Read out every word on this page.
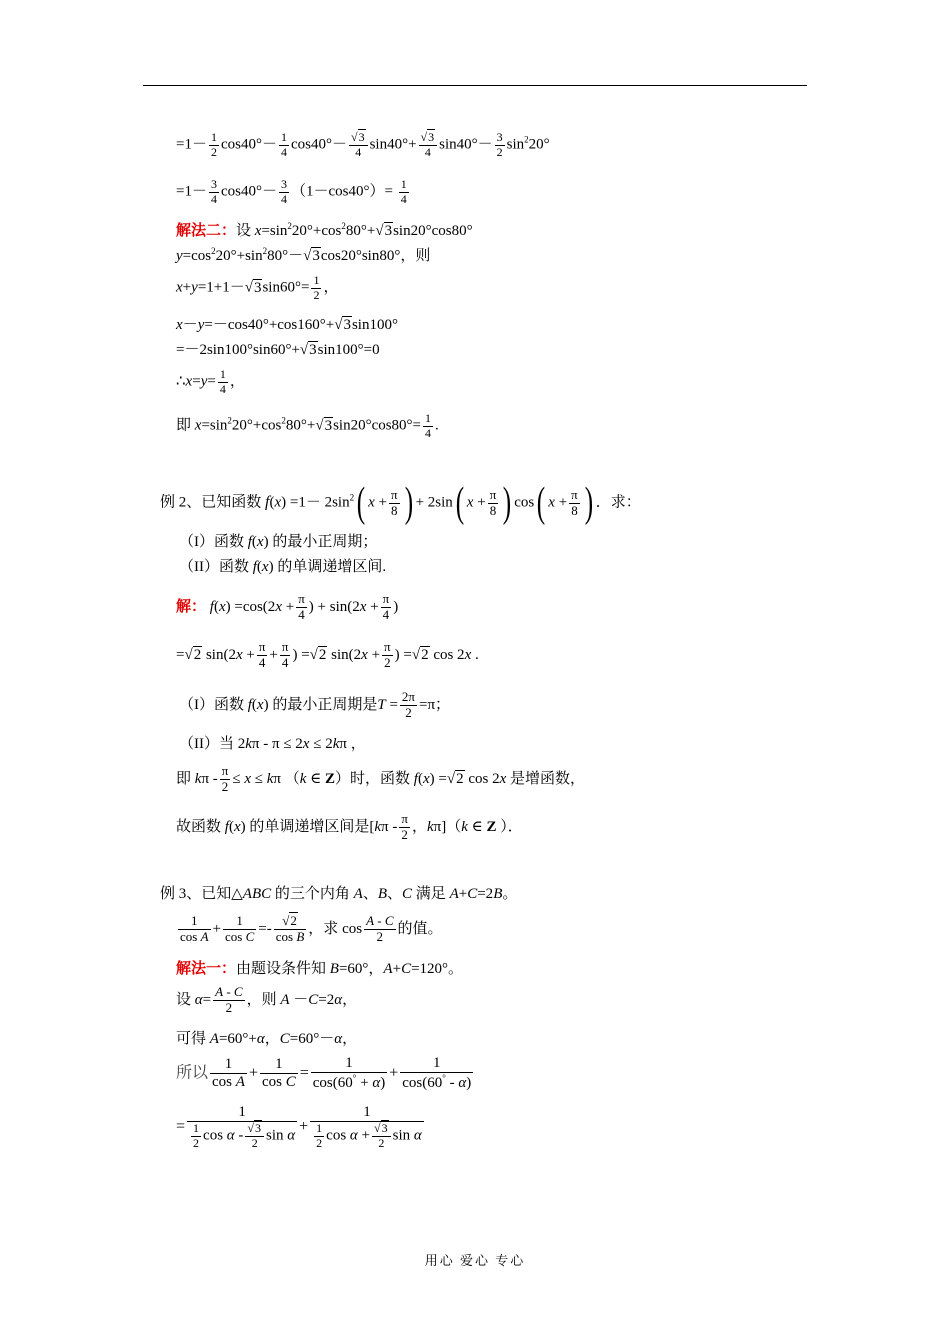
$=1- \frac{1}{2} \cos 40^\circ- \frac{1}{4} \cos 40^\circ- \frac{√3}{4} \sin 40^\circ+ \frac{√3}{4} \sin 40^\circ- \frac{3}{2} \sin^220^\circ$
$=1- \frac{3}{4} \cos 40^\circ- \frac{3}{4} (1-\cos 40^\circ)= \frac{1}{4}$
解法二：设 $x=\sin^220^\circ+\cos^280^\circ+√3\sin 20^\circ\cos 80^\circ$
$y=\cos^220^\circ+\sin^280^\circ-√3\cos 20^\circ\sin 80^\circ$，则
$x+y=1+1-√3\sin 60^\circ= \frac{1}{2}$ ，
x－y=－cos40°+cos160°+√3sin100°
=－2sin100°sin60°+√3sin100°=0
∴x=y= $\frac{1}{4}$ ，
即 $x=\sin^220^\circ+\cos^280^\circ+√3\sin 20^\circ\cos 80^\circ= \frac{1}{4}$ .
例 2、已知函数 $f(x) =1- 2\sin^2$( $x + \frac{\pi}{8}$ ) + 2sin( $x + \frac{\pi}{8}$ ) cos( $x + \frac{\pi}{8}$ ) ．求：
（I）函数 f(x) 的最小正周期；
（II）函数 f(x) 的单调递增区间.
解： $f(x) =\cos(2x + \frac{\pi}{4}$ ) + $\sin(2x + \frac{\pi}{4}$ )
=√2 $\sin(2x + \frac{\pi}{4} + \frac{\pi}{4}$ ) =√2 $\sin(2x + \frac{\pi}{2}$ ) =√2 cos 2x .
（I）函数 f(x) 的最小正周期是$T = \frac{2\pi}{2} =\pi$；
（II）当 2kπ - π ≤ 2x ≤ 2kπ ，
即 $k\pi - \frac{\pi}{2} \le x \le k\pi$ （k ∈ Z）时，函数 f(x) =√2 cos 2x 是增函数，
故函数 f(x) 的单调递增区间是[$k\pi - \frac{\pi}{2}$ ，kπ]（k ∈ Z ）．
例 3、已知△ABC 的三个内角 A、B、C 满足 A+C=2B。
$\frac{1}{\text{cos A}} + \frac{1}{\text{cos C}} =- \frac{√2}{\text{cos B}}$ ，求 $\cos \frac{A - C}{2}$ 的值。
解法一：由题设条件知 B=60°，A+C=120°。
设 $\alpha= \frac{A - C}{2}$ ，则 A －C=2α，
可得 A=60°+α，C=60°－α，
所以 $\frac{1}{\text{cos A}} + \frac{1}{\text{cos C}} = \frac{1}{\cos(60^\circ + \alpha)} + \frac{1}{\cos(60^\circ - \alpha)}$
= $\frac{1}{\frac{1}{2} \cos \alpha - \frac{√3}{2} \sin \alpha} + \frac{1}{\frac{1}{2} \cos \alpha + \frac{√3}{2} \sin \alpha}$
用心 爱心 专心
